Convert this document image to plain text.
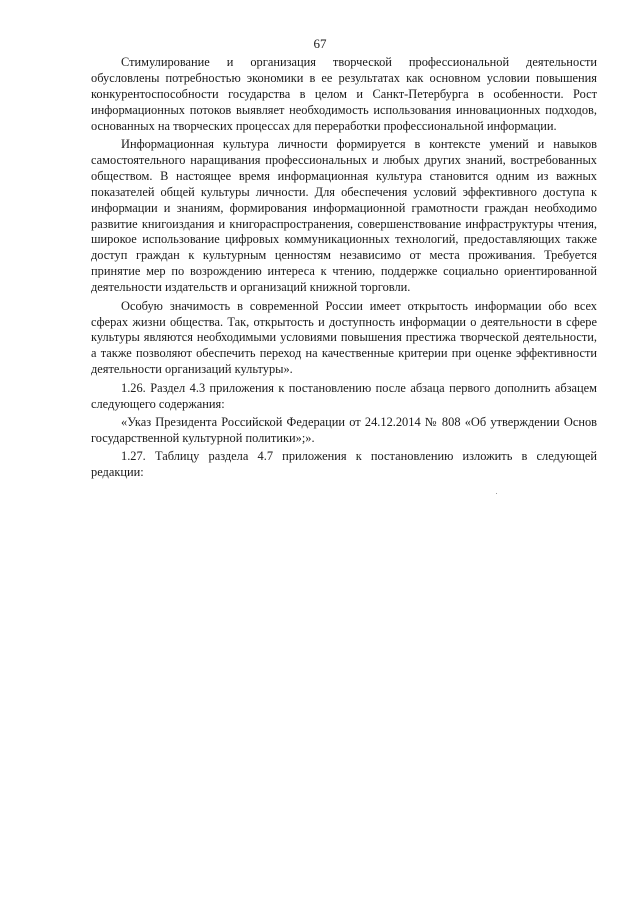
67

Стимулирование и организация творческой профессиональной деятельности обусловлены потребностью экономики в ее результатах как основном условии повышения конкурентоспособности государства в целом и Санкт-Петербурга в особенности. Рост информационных потоков выявляет необходимость использования инновационных подходов, основанных на творческих процессах для переработки профессиональной информации.

Информационная культура личности формируется в контексте умений и навыков самостоятельного наращивания профессиональных и любых других знаний, востребованных обществом. В настоящее время информационная культура становится одним из важных показателей общей культуры личности. Для обеспечения условий эффективного доступа к информации и знаниям, формирования информационной грамотности граждан необходимо развитие книгоиздания и книгораспространения, совершенствование инфраструктуры чтения, широкое использование цифровых коммуникационных технологий, предоставляющих также доступ граждан к культурным ценностям независимо от места проживания. Требуется принятие мер по возрождению интереса к чтению, поддержке социально ориентированной деятельности издательств и организаций книжной торговли.

Особую значимость в современной России имеет открытость информации обо всех сферах жизни общества. Так, открытость и доступность информации о деятельности в сфере культуры являются необходимыми условиями повышения престижа творческой деятельности, а также позволяют обеспечить переход на качественные критерии при оценке эффективности деятельности организаций культуры».

1.26. Раздел 4.3 приложения к постановлению после абзаца первого дополнить абзацем следующего содержания:

«Указ Президента Российской Федерации от 24.12.2014 № 808 «Об утверждении Основ государственной культурной политики»;».

1.27. Таблицу раздела 4.7 приложения к постановлению изложить в следующей редакции:
